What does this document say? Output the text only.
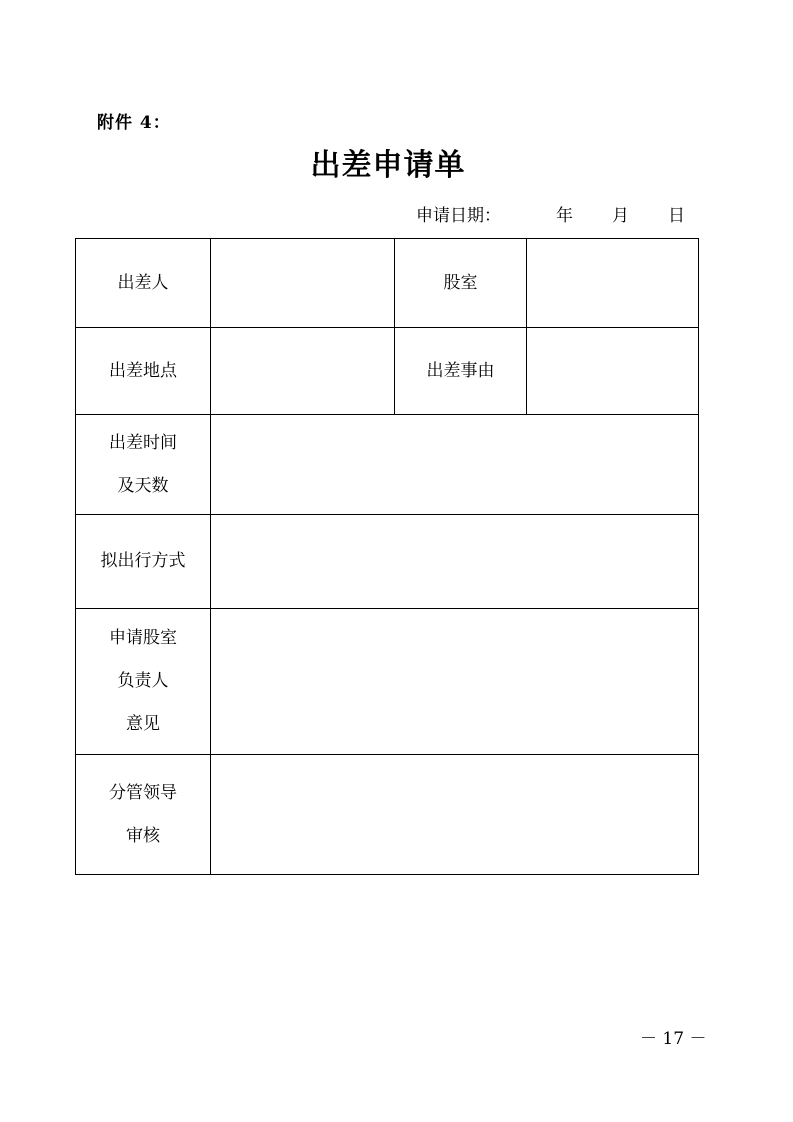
附件 4：
出差申请单
申请日期：	年 月 日
出差人		股室	
出差地点		出差事由	

出差时间
及天数			

拟出行方式			

申请股室
负责人
意见			

分管领导
审核			

－ 17 －
